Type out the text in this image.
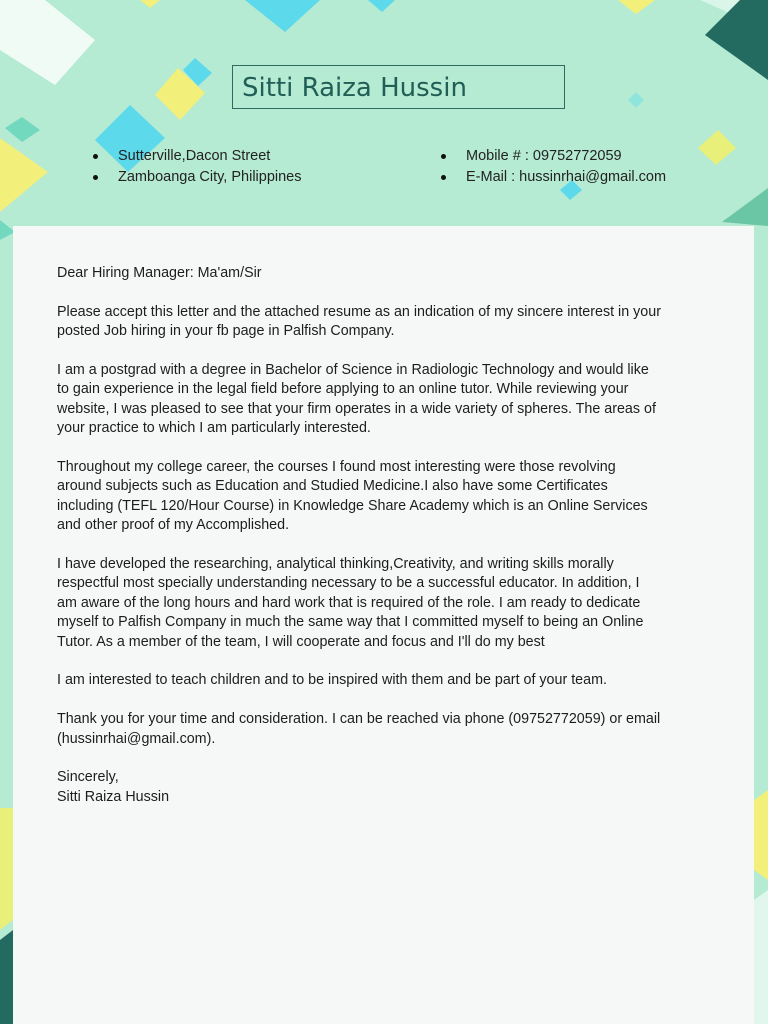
Sitti Raiza Hussin
Sutterville,Dacon Street
Zamboanga City, Philippines
Mobile # : 09752772059
E-Mail : hussinrhai@gmail.com

Dear Hiring Manager: Ma'am/Sir

Please accept this letter and the attached resume as an indication of my sincere interest in your
posted Job hiring in your fb page in Palfish Company.

I am a postgrad with a degree in Bachelor of Science in Radiologic Technology and would like
to gain experience in the legal field before applying to an online tutor. While reviewing your
website, I was pleased to see that your firm operates in a wide variety of spheres. The areas of
your practice to which I am particularly interested.

Throughout my college career, the courses I found most interesting were those revolving
around subjects such as Education and Studied Medicine.I also have some Certificates
including (TEFL 120/Hour Course) in Knowledge Share Academy which is an Online Services
and other proof of my Accomplished.

I have developed the researching, analytical thinking,Creativity, and writing skills morally
respectful most specially understanding necessary to be a successful educator. In addition, I
am aware of the long hours and hard work that is required of the role. I am ready to dedicate
myself to Palfish Company in much the same way that I committed myself to being an Online
Tutor. As a member of the team, I will cooperate and focus and I'll do my best

I am interested to teach children and to be inspired with them and be part of your team.

Thank you for your time and consideration. I can be reached via phone (09752772059) or email
(hussinrhai@gmail.com).

Sincerely,

Sitti Raiza Hussin
